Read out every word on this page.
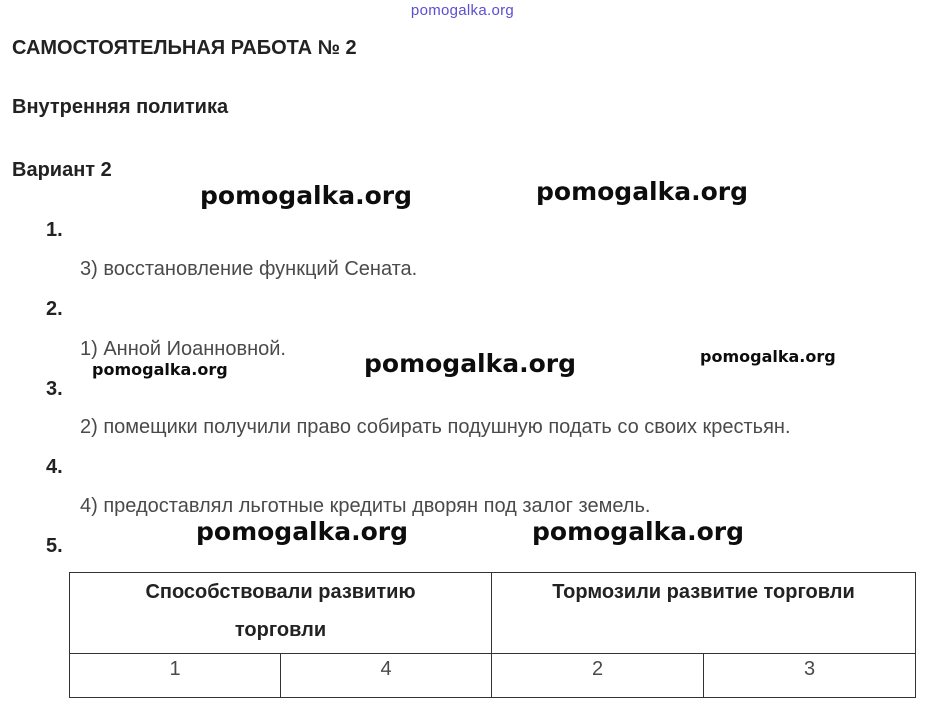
pomogalka.org
САМОСТОЯТЕЛЬНАЯ РАБОТА № 2
Внутренняя политика
Вариант 2
pomogalka.org	pomogalka.org
pomogalka.org	pomogalka.org
pomogalka.org
pomogalka.org	pomogalka.org
1.
3) восстановление функций Сената.
2.
1) Анной Иоанновной.
3.
2) помещики получили право собирать подушную подать со своих крестьян.
4.
4) предоставлял льготные кредиты дворян под залог земель.
5.
Способствовали развитию торговли		Тормозили развитие торговли	

1	4	2	3
